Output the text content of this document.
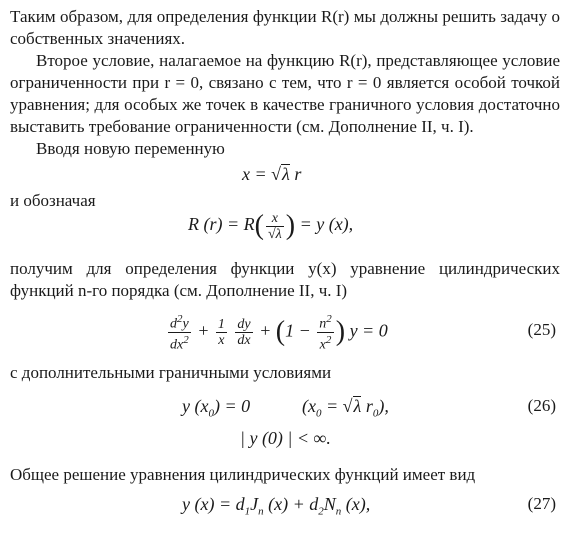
Таким образом, для определения функции R(r) мы должны решить задачу о собственных значениях.

Второе условие, налагаемое на функцию R(r), представляющее условие ограниченности при r = 0, связано с тем, что r = 0 является особой точкой уравнения; для особых же точек в качестве граничного условия достаточно выставить требование ограниченности (см. Дополнение II, ч. I).

Вводя новую переменную

x = √λ r

и обозначая

R $(r) = R( \frac{x}{√\lambda}$ ) = y (x),

получим для определения функции y(x) уравнение цилиндрических функций n-го порядка (см. Дополнение II, ч. I)

$\frac{d^2y}{dx^2} + \frac{1}{x}$
$\frac{dy}{dx} + (1 - \frac{n^2}{x^2}$ ) y = 0	(25)

с дополнительными граничными условиями

y $(x_0) = 0$	($x_0 = √\lambda$ $r_0$),	(26)
| y (0) | < ∞.

Общее решение уравнения цилиндрических функций имеет вид

y $(x) = d_1J_n$ $(x) + d_2N_n$ (x),	(27)
